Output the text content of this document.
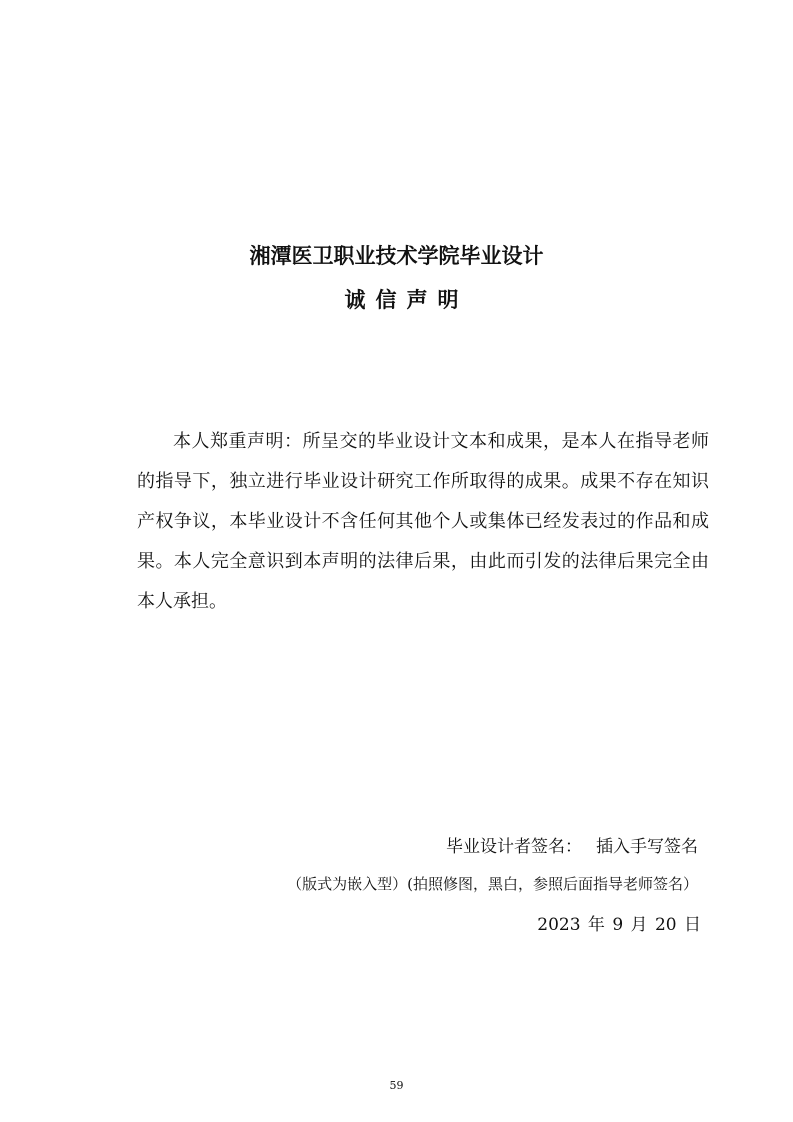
湘潭医卫职业技术学院毕业设计
诚信声明
本人郑重声明：所呈交的毕业设计文本和成果，是本人在指导老师的指导下，独立进行毕业设计研究工作所取得的成果。成果不存在知识产权争议，本毕业设计不含任何其他个人或集体已经发表过的作品和成果。本人完全意识到本声明的法律后果，由此而引发的法律后果完全由本人承担。
毕业设计者签名： 插入手写签名
（版式为嵌入型）(拍照修图，黑白，参照后面指导老师签名）
2023 年 9 月 20 日
59
